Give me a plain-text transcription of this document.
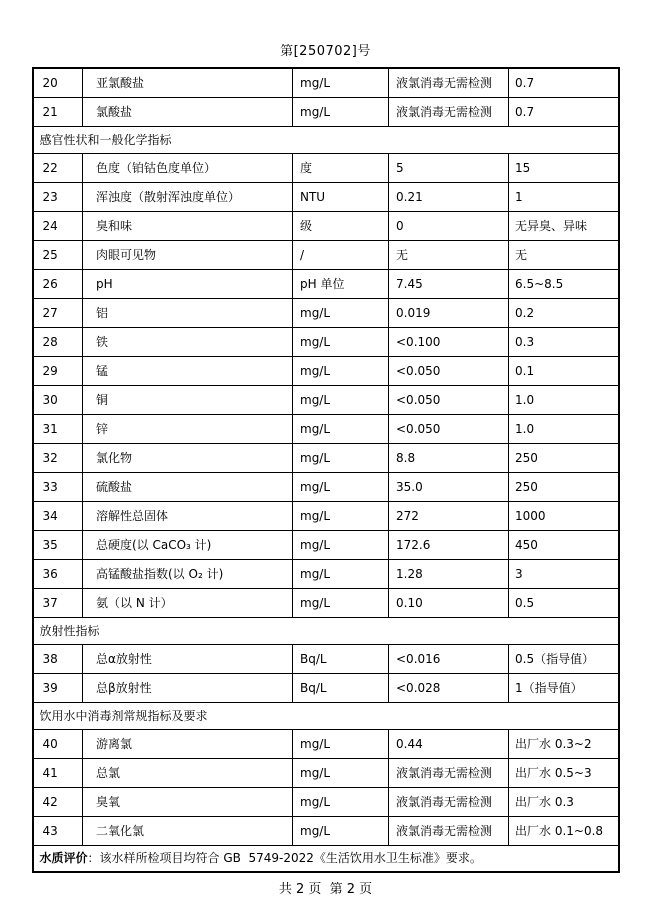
第[250702]号
20	亚氯酸盐	mg/L	液氯消毒无需检测	0.7
21	氯酸盐	mg/L	液氯消毒无需检测	0.7
感官性状和一般化学指标				
22	色度（铂钴色度单位）	度	5	15
23	浑浊度（散射浑浊度单位）	NTU	0.21	1
24	臭和味	级	0	无异臭、异味
25	肉眼可见物	/	无	无
26	pH	pH 单位	7.45	6.5~8.5
27	铝	mg/L	0.019	0.2
28	铁	mg/L	<0.100	0.3
29	锰	mg/L	<0.050	0.1
30	铜	mg/L	<0.050	1.0
31	锌	mg/L	<0.050	1.0
32	氯化物	mg/L	8.8	250
33	硫酸盐	mg/L	35.0	250
34	溶解性总固体	mg/L	272	1000
35	总硬度(以 CaCO₃ 计)	mg/L	172.6	450
36	高锰酸盐指数(以 O₂ 计)	mg/L	1.28	3
37	氨（以 N 计）	mg/L	0.10	0.5
放射性指标				
38	总α放射性	Bq/L	<0.016	0.5（指导值）
39	总β放射性	Bq/L	<0.028	1（指导值）
饮用水中消毒剂常规指标及要求				
40	游离氯	mg/L	0.44	出厂水 0.3~2
41	总氯	mg/L	液氯消毒无需检测	出厂水 0.5~3
42	臭氧	mg/L	液氯消毒无需检测	出厂水 0.3
43	二氧化氯	mg/L	液氯消毒无需检测	出厂水 0.1~0.8
水质评价：该水样所检项目均符合 GB  5749-2022《生活饮用水卫生标准》要求。				
共 2 页  第 2 页
